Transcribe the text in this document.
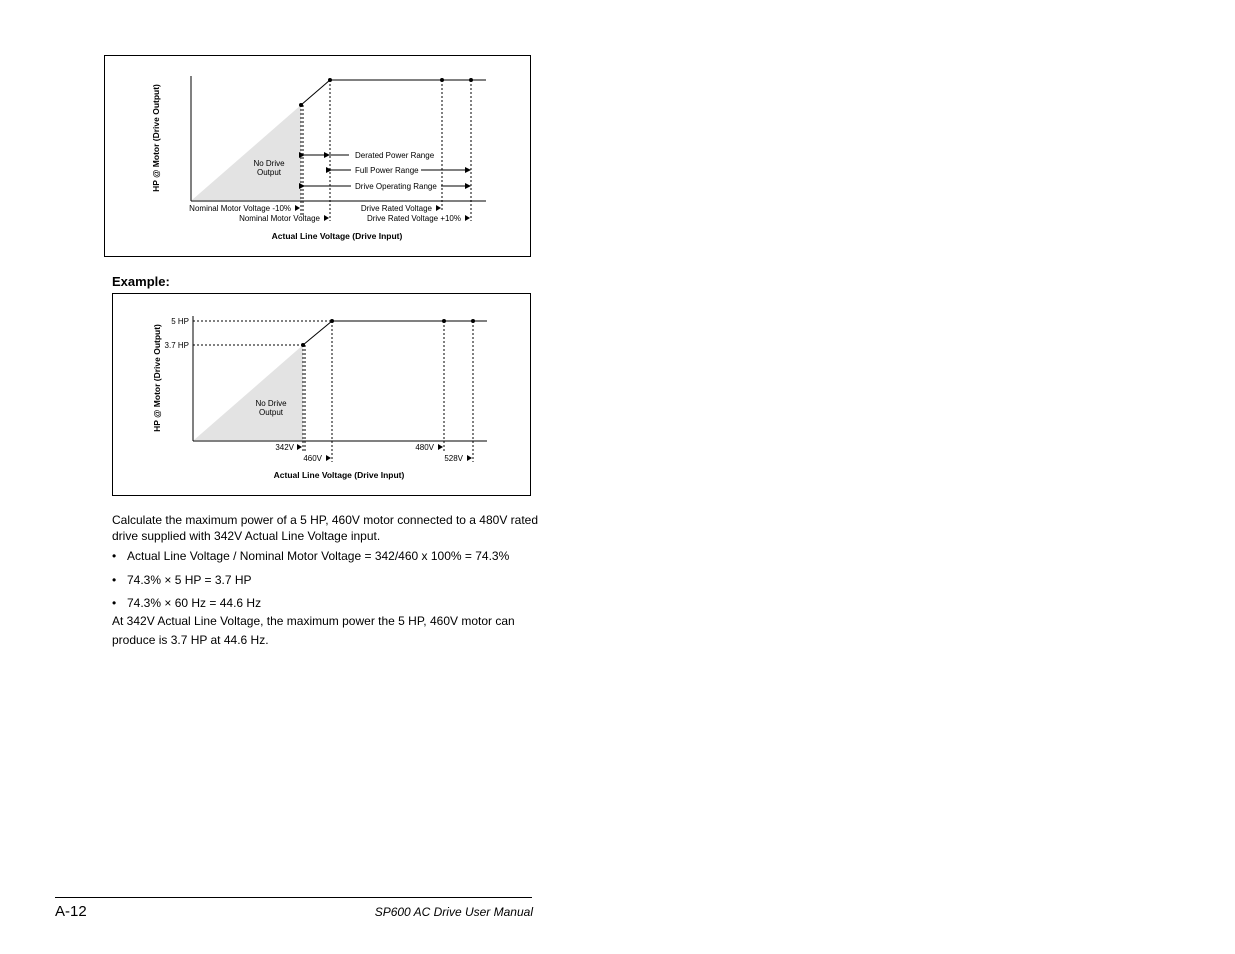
Derated Power Range
Full Power Range
Drive Operating Range
No Drive
Output
Nominal Motor Voltage -10%
Nominal Motor Voltage
Drive Rated Voltage
Drive Rated Voltage +10%
Actual Line Voltage (Drive Input)
HP @ Motor (Drive Output)
Example:
5 HP
3.7 HP
No Drive
Output
342V
460V
480V
528V
Actual Line Voltage (Drive Input)
HP @ Motor (Drive Output)
Calculate the maximum power of a 5 HP, 460V motor connected to a 480V rated
drive supplied with 342V Actual Line Voltage input.
• Actual Line Voltage / Nominal Motor Voltage = 342/460 x 100% = 74.3%
• 74.3% × 5 HP = 3.7 HP
• 74.3% × 60 Hz = 44.6 Hz
At 342V Actual Line Voltage, the maximum power the 5 HP, 460V motor can
produce is 3.7 HP at 44.6 Hz.
A-12	SP600 AC Drive User Manual
